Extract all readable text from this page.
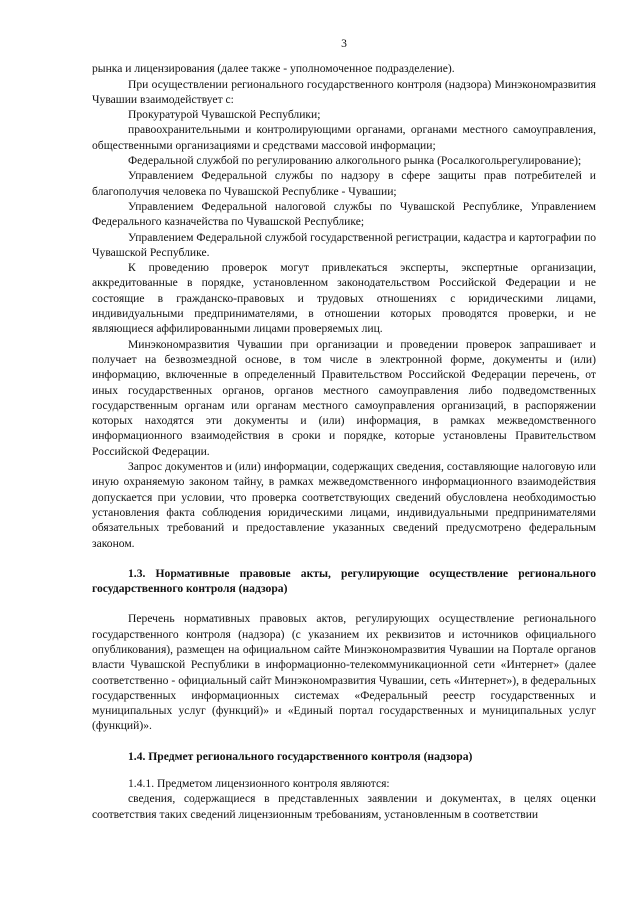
3

рынка и лицензирования (далее также - уполномоченное подразделение).

При осуществлении регионального государственного контроля (надзора) Минэкономразвития Чувашии взаимодействует с:

Прокуратурой Чувашской Республики;

правоохранительными и контролирующими органами, органами местного самоуправления, общественными организациями и средствами массовой информации;

Федеральной службой по регулированию алкогольного рынка (Росалкогольрегулирование);

Управлением Федеральной службы по надзору в сфере защиты прав потребителей и благополучия человека по Чувашской Республике - Чувашии;

Управлением Федеральной налоговой службы по Чувашской Республике, Управлением Федерального казначейства по Чувашской Республике;

Управлением Федеральной службой государственной регистрации, кадастра и картографии по Чувашской Республике.

К проведению проверок могут привлекаться эксперты, экспертные организации, аккредитованные в порядке, установленном законодательством Российской Федерации и не состоящие в гражданско-правовых и трудовых отношениях с юридическими лицами, индивидуальными предпринимателями, в отношении которых проводятся проверки, и не являющиеся аффилированными лицами проверяемых лиц.

Минэкономразвития Чувашии при организации и проведении проверок запрашивает и получает на безвозмездной основе, в том числе в электронной форме, документы и (или) информацию, включенные в определенный Правительством Российской Федерации перечень, от иных государственных органов, органов местного самоуправления либо подведомственных государственным органам или органам местного самоуправления организаций, в распоряжении которых находятся эти документы и (или) информация, в рамках межведомственного информационного взаимодействия в сроки и порядке, которые установлены Правительством Российской Федерации.

Запрос документов и (или) информации, содержащих сведения, составляющие налоговую или иную охраняемую законом тайну, в рамках межведомственного информационного взаимодействия допускается при условии, что проверка соответствующих сведений обусловлена необходимостью установления факта соблюдения юридическими лицами, индивидуальными предпринимателями обязательных требований и предоставление указанных сведений предусмотрено федеральным законом.

1.3. Нормативные правовые акты, регулирующие осуществление регионального государственного контроля (надзора)

Перечень нормативных правовых актов, регулирующих осуществление регионального государственного контроля (надзора) (с указанием их реквизитов и источников официального опубликования), размещен на официальном сайте Минэкономразвития Чувашии на Портале органов власти Чувашской Республики в информационно-телекоммуникационной сети «Интернет» (далее соответственно - официальный сайт Минэкономразвития Чувашии, сеть «Интернет»), в федеральных государственных информационных системах «Федеральный реестр государственных и муниципальных услуг (функций)» и «Единый портал государственных и муниципальных услуг (функций)».

1.4. Предмет регионального государственного контроля (надзора)

1.4.1. Предметом лицензионного контроля являются:

сведения, содержащиеся в представленных заявлении и документах, в целях оценки соответствия таких сведений лицензионным требованиям, установленным в соответствии
